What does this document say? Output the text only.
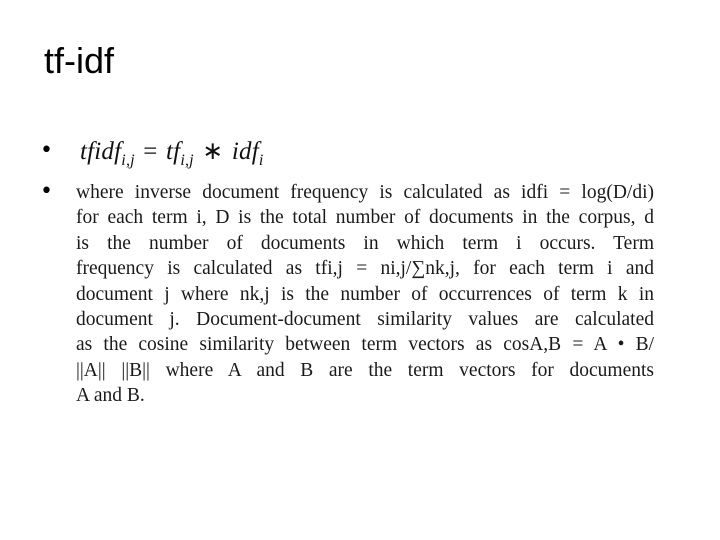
tf-idf
• tfidf$_{i,j}$ = $tf_{i,j}$ ∗ idf$_i$
• where inverse document frequency is calculated as idfi = log(D/di)
for each term i, D is the total number of documents in the corpus, d
is the number of documents in which term i occurs. Term
frequency is calculated as tfi,j = ni,j/∑nk,j, for each term i and
document j where nk,j is the number of occurrences of term k in
document j. Document-document similarity values are calculated
as the cosine similarity between term vectors as cosA,B = A • B/
||A|| ||B|| where A and B are the term vectors for documents
A and B.
